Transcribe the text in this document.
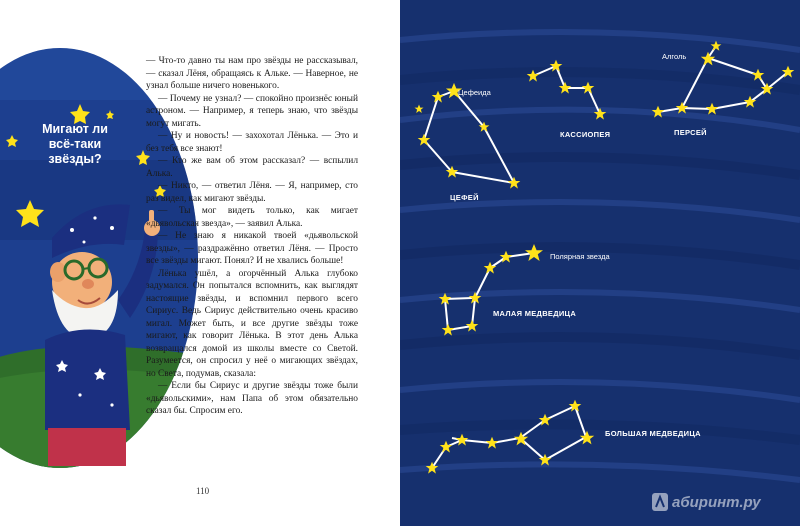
Мигают ли всё-таки звёзды?

— Что-то давно ты нам про звёзды не рассказывал, — сказал Лёня, обращаясь к Альке. — Наверное, не узнал больше ничего новенького.

— Почему не узнал? — спокойно произнёс юный астроном. — Например, я теперь знаю, что звёзды могут мигать.

— Ну и новость! — захохотал Лёнька. — Это и без тебя все знают!

— Кто же вам об этом рассказал? — вспылил Алька.

— Никто, — ответил Лёня. — Я, например, сто раз видел, как мигают звёзды.

— Ты мог видеть только, как мигает «дьявольская звезда», — заявил Алька.

— Не знаю я никакой твоей «дьявольской звезды», — раздражённо ответил Лёня. — Просто все звёзды мигают. Понял? И не хвались больше!

Лёнька ушёл, а огорчённый Алька глубоко задумался. Он попытался вспомнить, как выглядят настоящие звёзды, и вспомнил первого всего Сириус. Ведь Сириус действительно очень красиво мигал. Может быть, и все другие звёзды тоже мигают, как говорит Лёнька. В этот день Алька возвращался домой из школы вместе со Светой. Разумеется, он спросил у неё о мигающих звёздах, но Света, подумав, сказала:

— Если бы Сириус и другие звёзды тоже были «дьявольскими», нам Папа об этом обязательно сказал бы. Спросим его.

110
Цефеида
ЦЕФЕЙ
КАССИОПЕЯ	ПЕРСЕЙ
Алголь
Полярная звезда
МАЛАЯ МЕДВЕДИЦА
БОЛЬШАЯ МЕДВЕДИЦА
абиринт.ру
